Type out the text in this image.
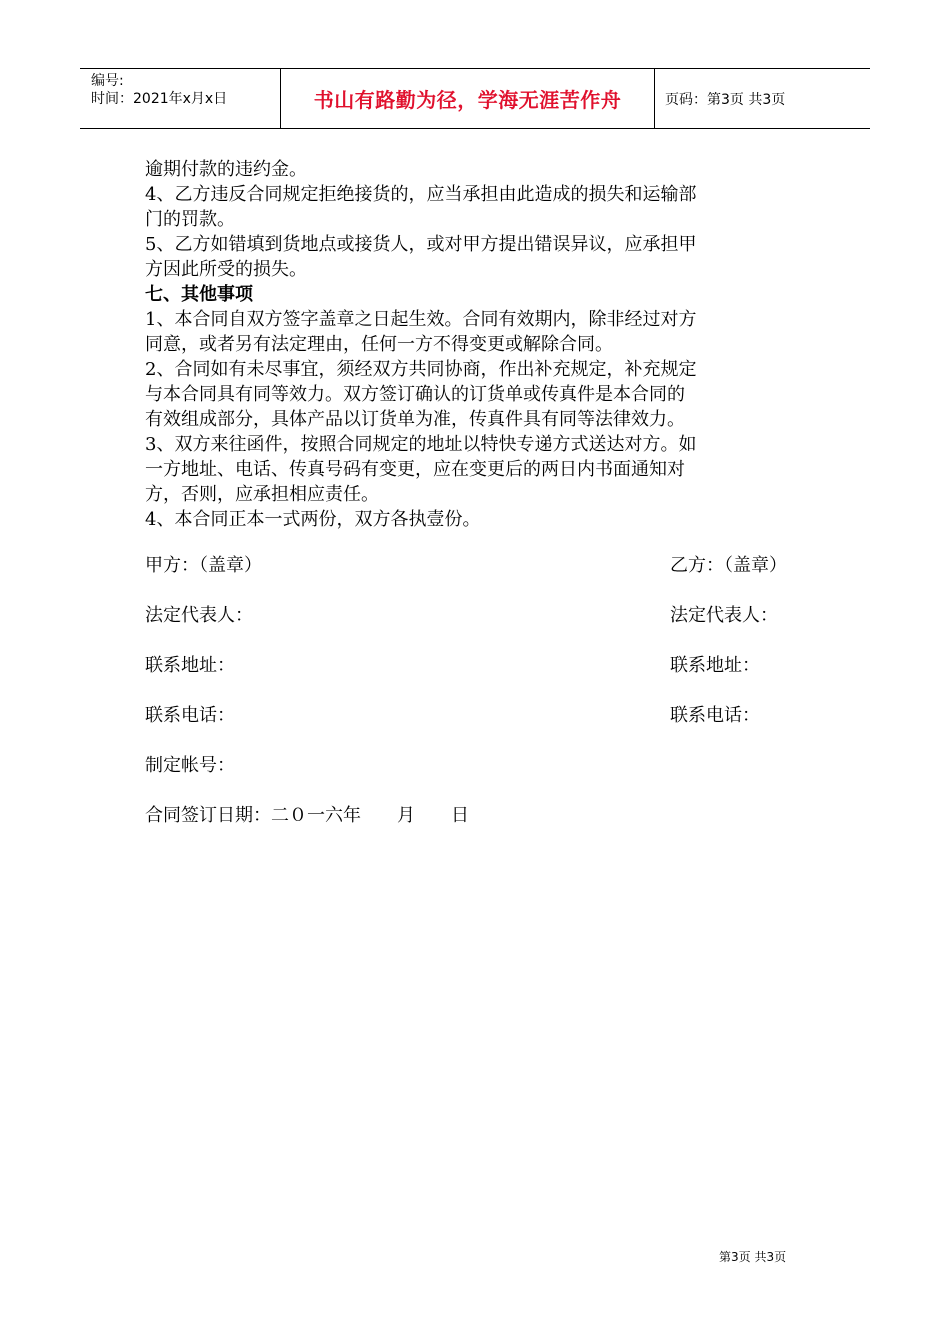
编号:
时间：2021年x月x日	书山有路勤为径，学海无涯苦作舟	页码：第3页 共3页

逾期付款的违约金。

4、乙方违反合同规定拒绝接货的，应当承担由此造成的损失和运输部

门的罚款。

5、乙方如错填到货地点或接货人，或对甲方提出错误异议，应承担甲

方因此所受的损失。

七、其他事项

1、本合同自双方签字盖章之日起生效。合同有效期内，除非经过对方

同意，或者另有法定理由，任何一方不得变更或解除合同。

2、合同如有未尽事宜，须经双方共同协商，作出补充规定，补充规定

与本合同具有同等效力。双方签订确认的订货单或传真件是本合同的

有效组成部分，具体产品以订货单为准，传真件具有同等法律效力。

3、双方来往函件，按照合同规定的地址以特快专递方式送达对方。如

一方地址、电话、传真号码有变更，应在变更后的两日内书面通知对

方，否则，应承担相应责任。

4、本合同正本一式两份，双方各执壹份。

甲方：（盖章）	乙方：（盖章）
法定代表人：	法定代表人：
联系地址：	联系地址：
联系电话：	联系电话：
制定帐号：
合同签订日期：二０一六年　　月　　日
第3页 共3页
